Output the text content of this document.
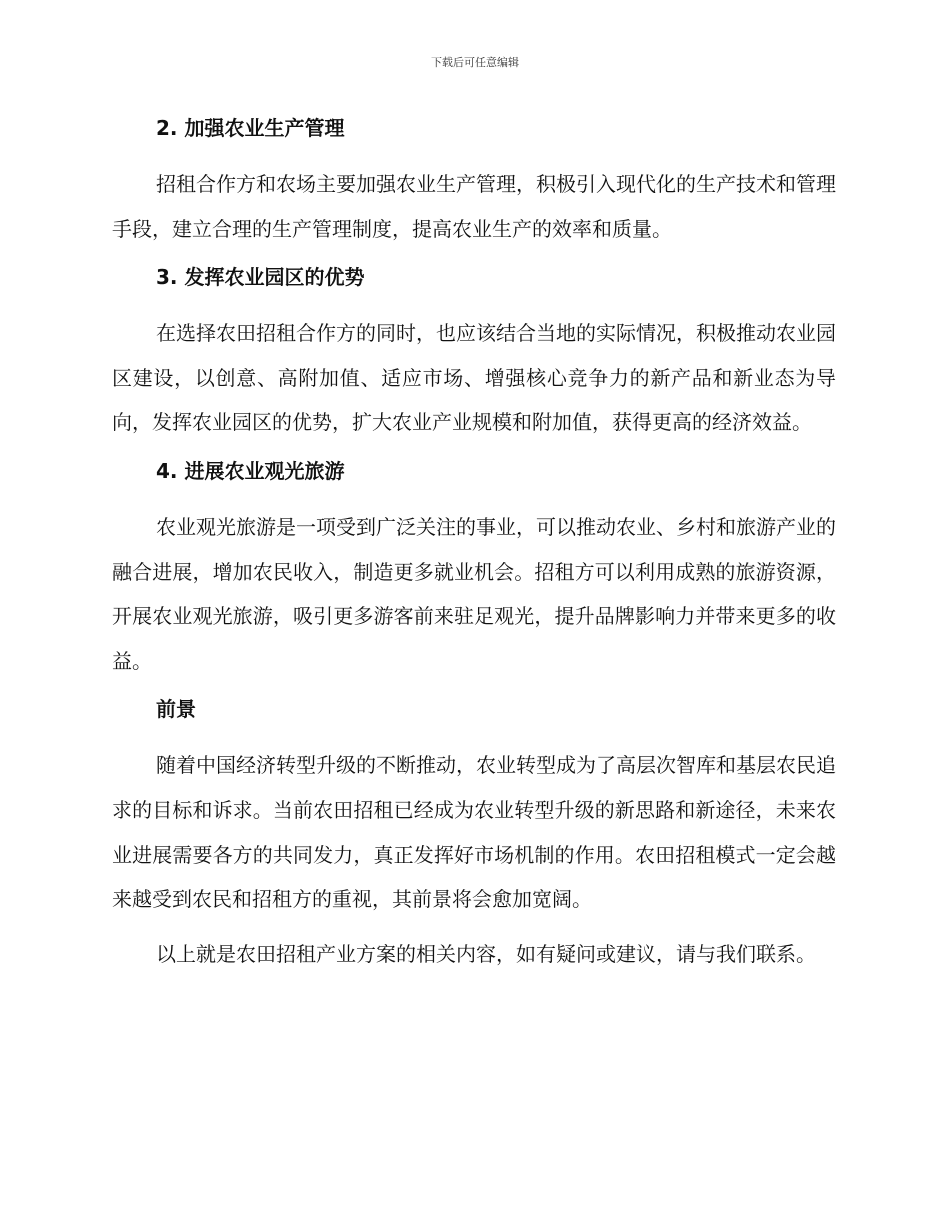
下载后可任意编辑
2. 加强农业生产管理

招租合作方和农场主要加强农业生产管理，积极引入现代化的生产技术和管理手段，建立合理的生产管理制度，提高农业生产的效率和质量。

3. 发挥农业园区的优势

在选择农田招租合作方的同时，也应该结合当地的实际情况，积极推动农业园区建设，以创意、高附加值、适应市场、增强核心竞争力的新产品和新业态为导向，发挥农业园区的优势，扩大农业产业规模和附加值，获得更高的经济效益。

4. 进展农业观光旅游

农业观光旅游是一项受到广泛关注的事业，可以推动农业、乡村和旅游产业的融合进展，增加农民收入，制造更多就业机会。招租方可以利用成熟的旅游资源，开展农业观光旅游，吸引更多游客前来驻足观光，提升品牌影响力并带来更多的收益。

前景

随着中国经济转型升级的不断推动，农业转型成为了高层次智库和基层农民追求的目标和诉求。当前农田招租已经成为农业转型升级的新思路和新途径，未来农业进展需要各方的共同发力，真正发挥好市场机制的作用。农田招租模式一定会越来越受到农民和招租方的重视，其前景将会愈加宽阔。

以上就是农田招租产业方案的相关内容，如有疑问或建议，请与我们联系。
